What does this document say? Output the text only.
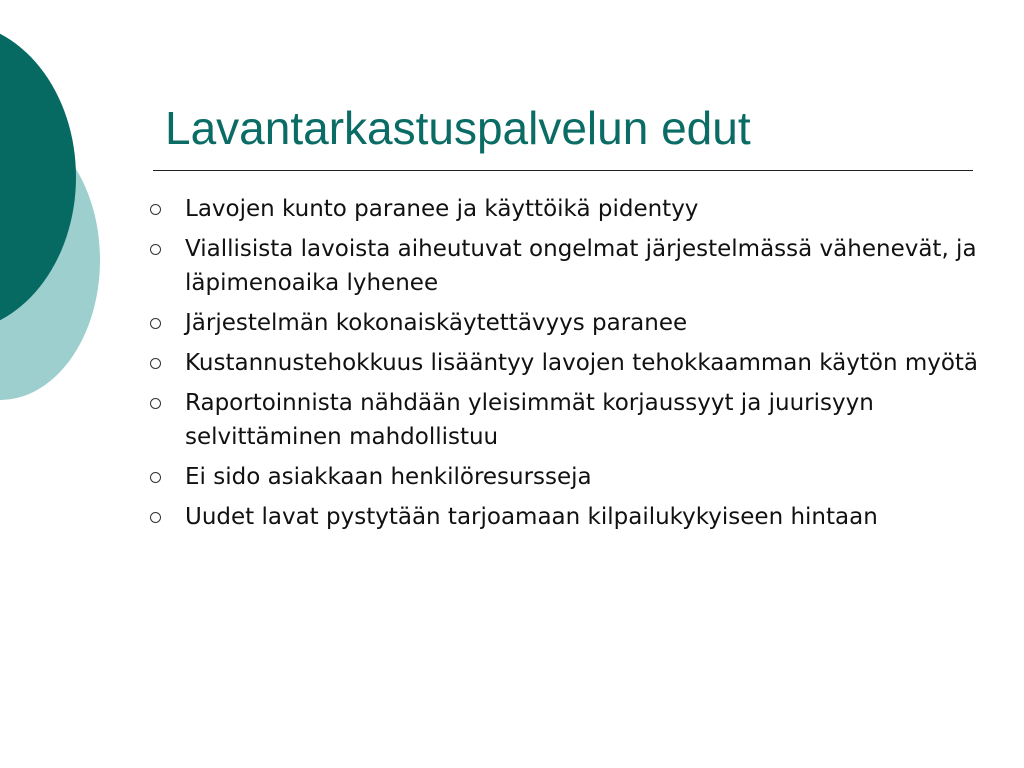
Lavantarkastuspalvelun edut
Lavojen kunto paranee ja käyttöikä pidentyy
Viallisista lavoista aiheutuvat ongelmat järjestelmässä vähenevät, ja läpimenoaika lyhenee
Järjestelmän kokonaiskäytettävyys paranee
Kustannustehokkuus lisääntyy lavojen tehokkaamman käytön myötä
Raportoinnista nähdään yleisimmät korjaussyyt ja juurisyyn selvittäminen mahdollistuu
Ei sido asiakkaan henkilöresursseja
Uudet lavat pystytään tarjoamaan kilpailukykyiseen hintaan
